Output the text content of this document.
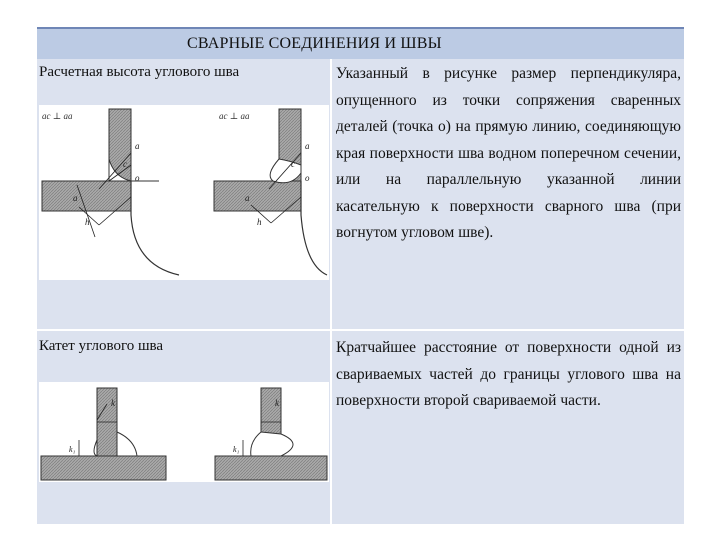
СВАРНЫЕ СОЕДИНЕНИЯ И ШВЫ
Расчетная высота углового шва
ac ⊥ aa
c
a
o
a
h
ac ⊥ aa
a
c
o
a
h
Указанный в рисунке размер перпендикуляра, опущенного из точки сопряжения сваренных деталей (точка о) на прямую линию, соединяющую края поверхности шва водном поперечном сечении, или на параллельную указанной линии касательную к поверхности сварного шва (при вогнутом угловом шве).
Катет углового шва
k
k₁
k
k₁
Кратчайшее расстояние от поверхности одной из свариваемых частей до границы углового шва на поверхности второй свариваемой части.
